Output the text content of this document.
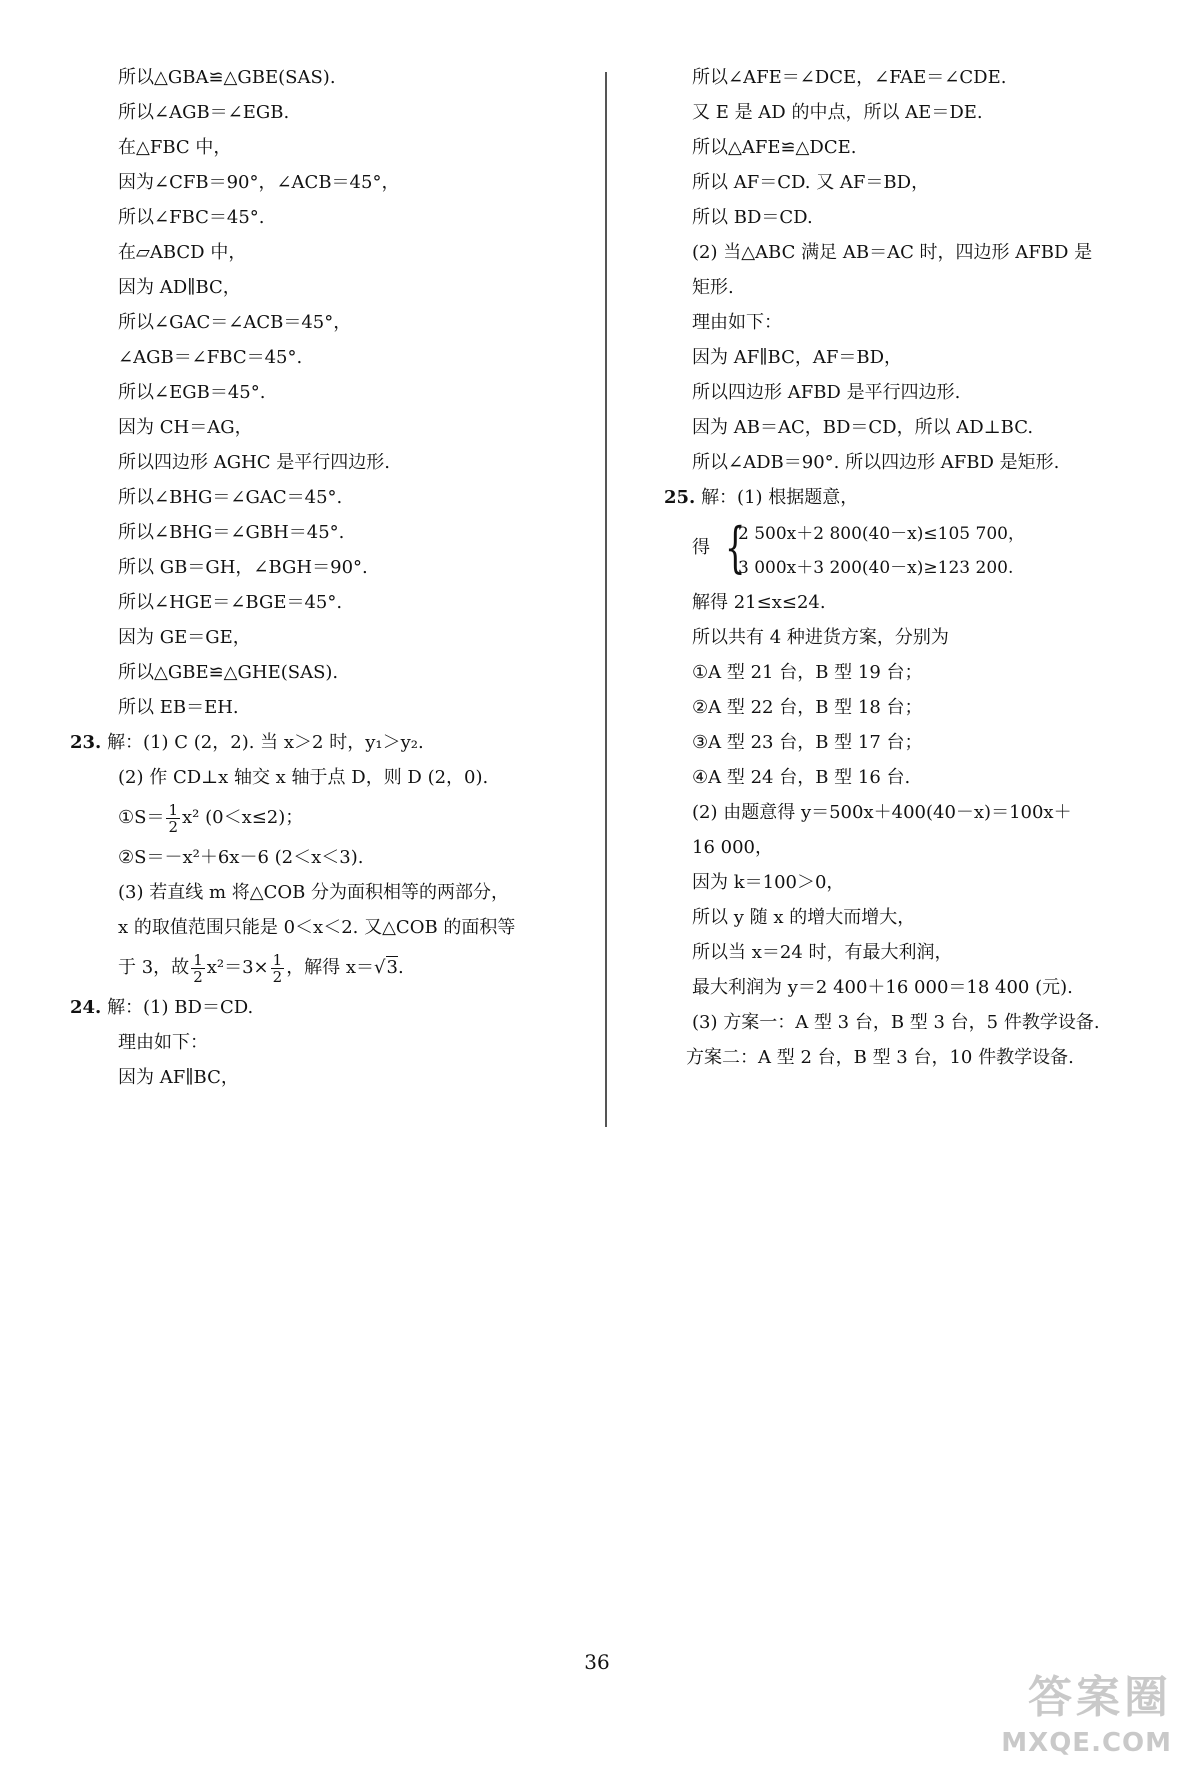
所以△GBA≌△GBE(SAS).
所以∠AGB＝∠EGB.
在△FBC 中，
因为∠CFB＝90°，∠ACB＝45°，
所以∠FBC＝45°.
在▱ABCD 中，
因为 AD∥BC，
所以∠GAC＝∠ACB＝45°，
∠AGB＝∠FBC＝45°.
所以∠EGB＝45°.
因为 CH＝AG，
所以四边形 AGHC 是平行四边形.
所以∠BHG＝∠GAC＝45°.
所以∠BHG＝∠GBH＝45°.
所以 GB＝GH，∠BGH＝90°.
所以∠HGE＝∠BGE＝45°.
因为 GE＝GE，
所以△GBE≌△GHE(SAS).
所以 EB＝EH.
23. 解：(1) C (2，2). 当 x＞2 时，y₁＞y₂.
(2) 作 CD⊥x 轴交 x 轴于点 D，则 D (2，0).
①S＝ $\frac{1}{2} x^2$ (0＜x≤2)；
②S＝－x²＋6x－6 (2＜x＜3).
(3) 若直线 m 将△COB 分为面积相等的两部分，
x 的取值范围只能是 0＜x＜2. 又△COB 的面积等
于 3，故 $\frac{1}{2} x^2=3\times \frac{1}{2}$ ，解得 x＝√3.
24. 解：(1) BD＝CD.
理由如下：
因为 AF∥BC，
所以∠AFE＝∠DCE，∠FAE＝∠CDE.
又 E 是 AD 的中点，所以 AE＝DE.
所以△AFE≌△DCE.
所以 AF＝CD. 又 AF＝BD，
所以 BD＝CD.
(2) 当△ABC 满足 AB＝AC 时，四边形 AFBD 是
矩形.
理由如下：
因为 AF∥BC，AF＝BD，
所以四边形 AFBD 是平行四边形.
因为 AB＝AC，BD＝CD，所以 AD⊥BC.
所以∠ADB＝90°. 所以四边形 AFBD 是矩形.
25. 解：(1) 根据题意，
得 {
2 500x＋2 800(40－x)≤105 700，
3 000x＋3 200(40－x)≥123 200.
解得 21≤x≤24.
所以共有 4 种进货方案，分别为
①A 型 21 台，B 型 19 台；
②A 型 22 台，B 型 18 台；
③A 型 23 台，B 型 17 台；
④A 型 24 台，B 型 16 台.
(2) 由题意得 y＝500x＋400(40－x)＝100x＋
16 000，
因为 k＝100＞0，
所以 y 随 x 的增大而增大，
所以当 x＝24 时，有最大利润，
最大利润为 y＝2 400＋16 000＝18 400 (元).
(3) 方案一：A 型 3 台，B 型 3 台，5 件教学设备.
方案二：A 型 2 台，B 型 3 台，10 件教学设备.
36
答案圈
MXQE.COM
